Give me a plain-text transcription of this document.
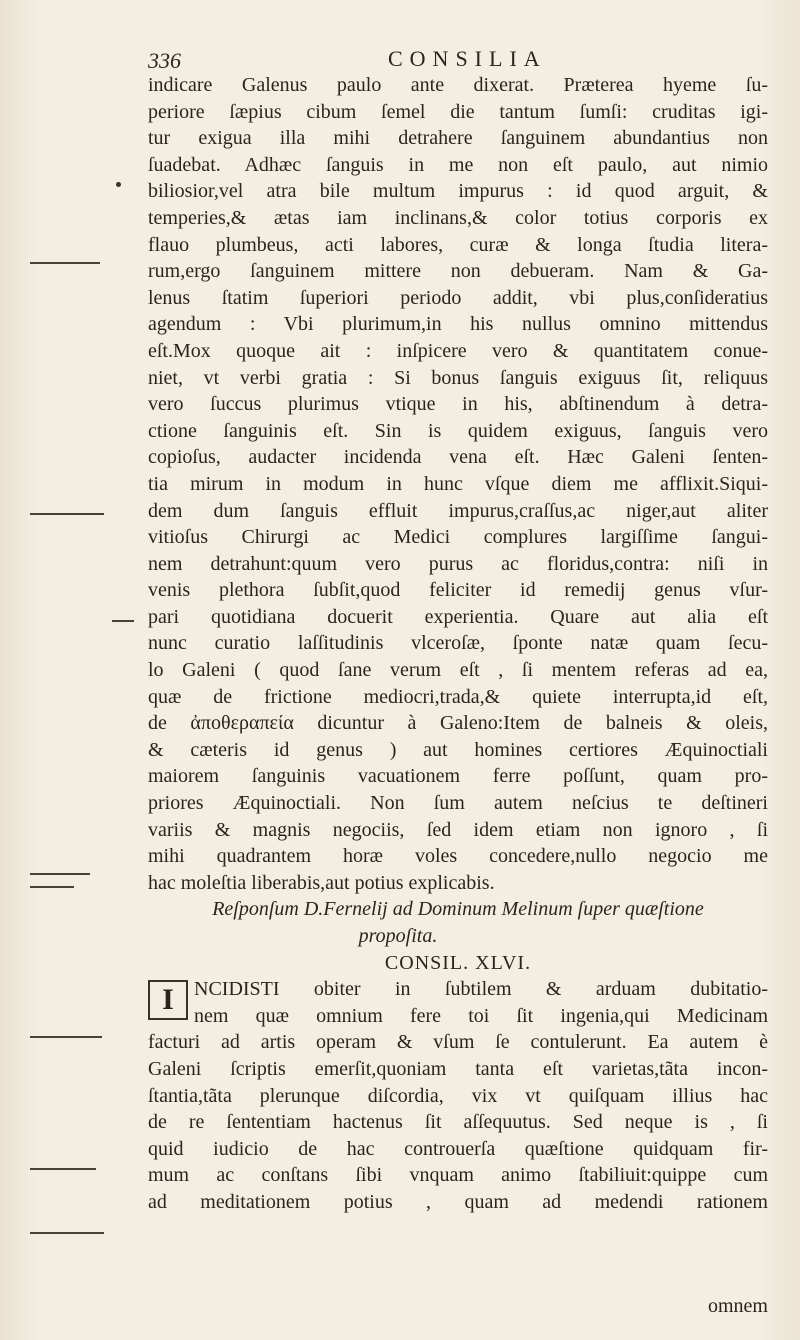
336	CONSILIA
indicare Galenus paulo ante dixerat. Præterea hyeme ſu-
periore ſæpius cibum ſemel die tantum ſumſi: cruditas igi-
tur exigua illa mihi detrahere ſanguinem abundantius non
ſuadebat. Adhæc ſanguis in me non eſt paulo, aut nimio
biliosior,vel atra bile multum impurus : id quod arguit, &
temperies,& ætas iam inclinans,& color totius corporis ex
flauo plumbeus, acti labores, curæ & longa ſtudia litera-
rum,ergo ſanguinem mittere non debueram. Nam & Ga-
lenus ſtatim ſuperiori periodo addit, vbi plus,conſideratius
agendum : Vbi plurimum,in his nullus omnino mittendus
eſt.Mox quoque ait : inſpicere vero & quantitatem conue-
niet, vt verbi gratia : Si bonus ſanguis exiguus ſit, reliquus
vero ſuccus plurimus vtique in his, abſtinendum à detra-
ctione ſanguinis eſt. Sin is quidem exiguus, ſanguis vero
copioſus, audacter incidenda vena eſt. Hæc Galeni ſenten-
tia mirum in modum in hunc vſque diem me afflixit.Siqui-
dem dum ſanguis effluit impurus,craſſus,ac niger,aut aliter
vitioſus Chirurgi ac Medici complures largiſſime ſangui-
nem detrahunt:quum vero purus ac floridus,contra: niſi in
venis plethora ſubſit,quod feliciter id remedij genus vſur-
pari quotidiana docuerit experientia. Quare aut alia eſt
nunc curatio laſſitudinis vlceroſæ, ſponte natæ quam ſecu-
lo Galeni ( quod ſane verum eſt , ſi mentem referas ad ea,
quæ de frictione mediocri,trada,& quiete interrupta,id eſt,
de ἀποθεραπεία dicuntur à Galeno:Item de balneis & oleis,
& cæteris id genus ) aut homines certiores Æquinoctiali
maiorem ſanguinis vacuationem ferre poſſunt, quam pro-
priores Æquinoctiali. Non ſum autem neſcius te deſtineri
variis & magnis negociis, ſed idem etiam non ignoro , ſi
mihi quadrantem horæ voles concedere,nullo negocio me
hac moleſtia liberabis,aut potius explicabis.
Reſponſum D.Fernelij ad Dominum Melinum ſuper quæſtione
propoſita.
CONSIL. XLVI.
I	NCIDISTI obiter in ſubtilem & arduam dubitatio-
nem quæ omnium fere toi ſit ingenia,qui Medicinam
facturi ad artis operam & vſum ſe contulerunt. Ea autem è
Galeni ſcriptis emerſit,quoniam tanta eſt varietas,tãta incon-
ſtantia,tãta plerunque diſcordia, vix vt quiſquam illius hac
de re ſententiam hactenus ſit aſſequutus. Sed neque is , ſi
quid iudicio de hac controuerſa quæſtione quidquam fir-
mum ac conſtans ſibi vnquam animo ſtabiliuit:quippe cum
ad meditationem potius , quam ad medendi rationem
omnem
